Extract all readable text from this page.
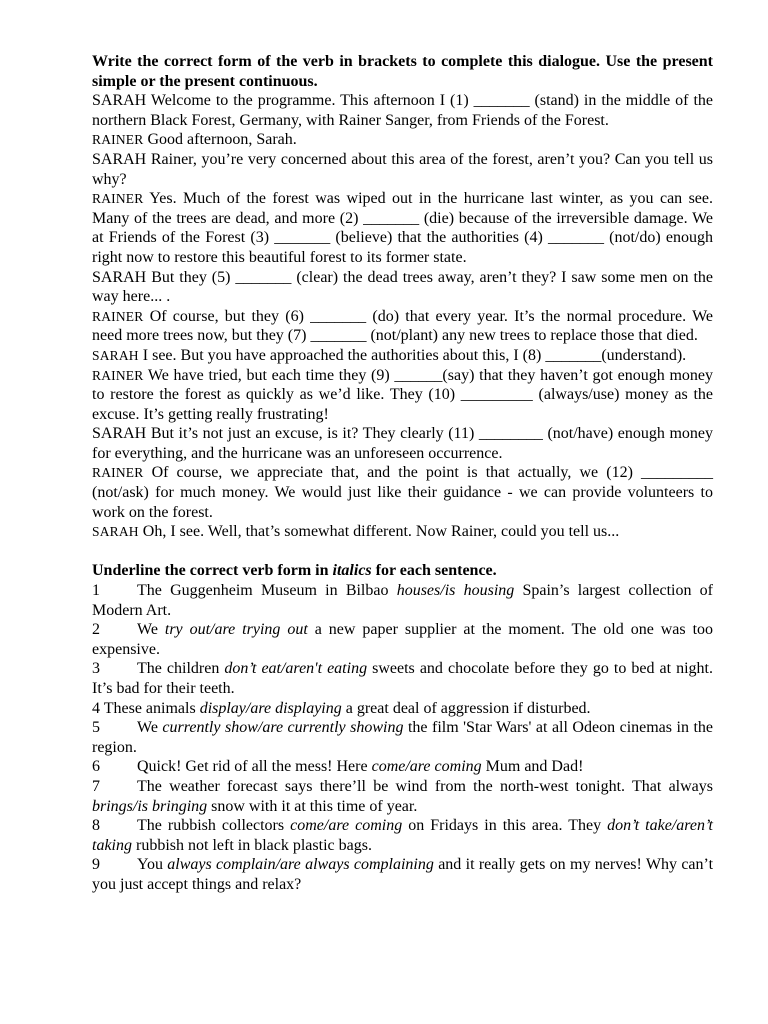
Write the correct form of the verb in brackets to complete this dialogue. Use the present simple or the present continuous.

SARAH Welcome to the programme. This afternoon I (1) _______ (stand) in the middle of the northern Black Forest, Germany, with Rainer Sanger, from Friends of the Forest.

RAINER Good afternoon, Sarah.

SARAH Rainer, you’re very concerned about this area of the forest, aren’t you? Can you tell us why?

RAINER Yes. Much of the forest was wiped out in the hurricane last winter, as you can see. Many of the trees are dead, and more (2) _______ (die) because of the irreversible damage. We at Friends of the Forest (3) _______ (believe) that the authorities (4) _______ (not/do) enough right now to restore this beautiful forest to its former state.

SARAH But they (5) _______ (clear) the dead trees away, aren’t they? I saw some men on the way here... .

RAINER Of course, but they (6) _______ (do) that every year. It’s the normal procedure. We need more trees now, but they (7) _______ (not/plant) any new trees to replace those that died.

SARAH I see. But you have approached the authorities about this, I (8) _______(understand).

RAINER We have tried, but each time they (9) ______(say) that they haven’t got enough money to restore the forest as quickly as we’d like. They (10) _________ (always/use) money as the excuse. It’s getting really frustrating!

SARAH But it’s not just an excuse, is it? They clearly (11) ________ (not/have) enough money for everything, and the hurricane was an unforeseen occurrence.

RAINER Of course, we appreciate that, and the point is that actually, we (12) _________ (not/ask) for much money. We would just like their guidance - we can provide volunteers to work on the forest.

SARAH Oh, I see. Well, that’s somewhat different. Now Rainer, could you tell us...

Underline the correct verb form in italics for each sentence.

1 The Guggenheim Museum in Bilbao houses/is housing Spain’s largest collection of Modern Art.

2 We try out/are trying out a new paper supplier at the moment. The old one was too expensive.

3 The children don’t eat/aren't eating sweets and chocolate before they go to bed at night. It’s bad for their teeth.

4 These animals display/are displaying a great deal of aggression if disturbed.

5 We currently show/are currently showing the film 'Star Wars' at all Odeon cinemas in the region.

6 Quick! Get rid of all the mess! Here come/are coming Mum and Dad!

7 The weather forecast says there’ll be wind from the north-west tonight. That always brings/is bringing snow with it at this time of year.

8 The rubbish collectors come/are coming on Fridays in this area. They don’t take/aren’t taking rubbish not left in black plastic bags.

9 You always complain/are always complaining and it really gets on my nerves! Why can’t you just accept things and relax?
